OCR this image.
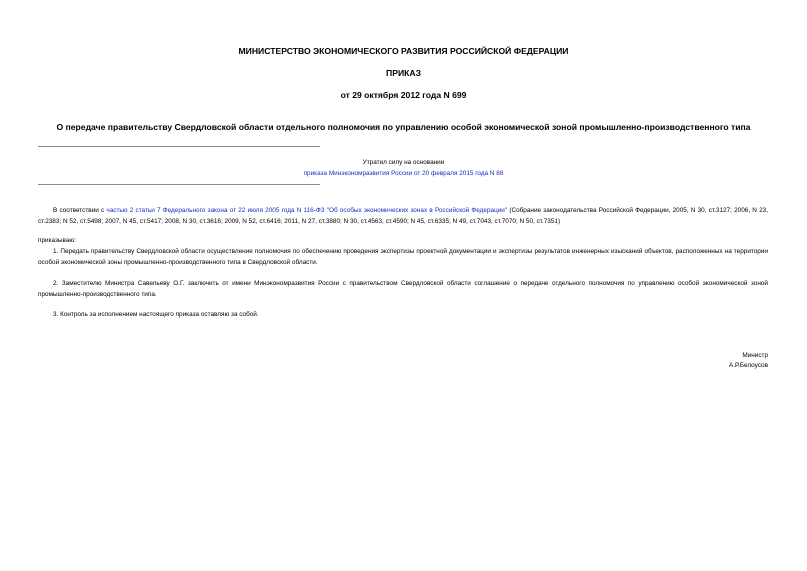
МИНИСТЕРСТВО ЭКОНОМИЧЕСКОГО РАЗВИТИЯ РОССИЙСКОЙ ФЕДЕРАЦИИ
ПРИКАЗ
от 29 октября 2012 года N 699
О передаче правительству Свердловской области отдельного полномочия по управлению особой экономической зоной промышленно-производственного типа
Утратил силу на основании
приказа Минэкономразвития России от 20 февраля 2015 года N 88
В соответствии с частью 2 статьи 7 Федерального закона от 22 июля 2005 года N 116-ФЗ "Об особых экономических зонах в Российской Федерации" (Собрание законодательства Российской Федерации, 2005, N 30, ст.3127; 2006, N 23, ст.2383; N 52, ст.5498; 2007, N 45, ст.5417; 2008, N 30, ст.3616; 2009, N 52, ст.6416; 2011, N 27, ст.3880; N 30, ст.4563, ст.4590; N 45, ст.6335; N 49, ст.7043, ст.7070; N 50, ст.7351)
приказываю:
1. Передать правительству Свердловской области осуществление полномочия по обеспечению проведения экспертизы проектной документации и экспертизы результатов инженерных изысканий объектов, расположенных на территории особой экономической зоны промышленно-производственного типа в Свердловской области.
2. Заместителю Министра Савельеву О.Г. заключить от имени Минэкономразвития России с правительством Свердловской области соглашение о передаче отдельного полномочия по управлению особой экономической зоной промышленно-производственного типа.
3. Контроль за исполнением настоящего приказа оставляю за собой.
Министр
А.Р.Белоусов
